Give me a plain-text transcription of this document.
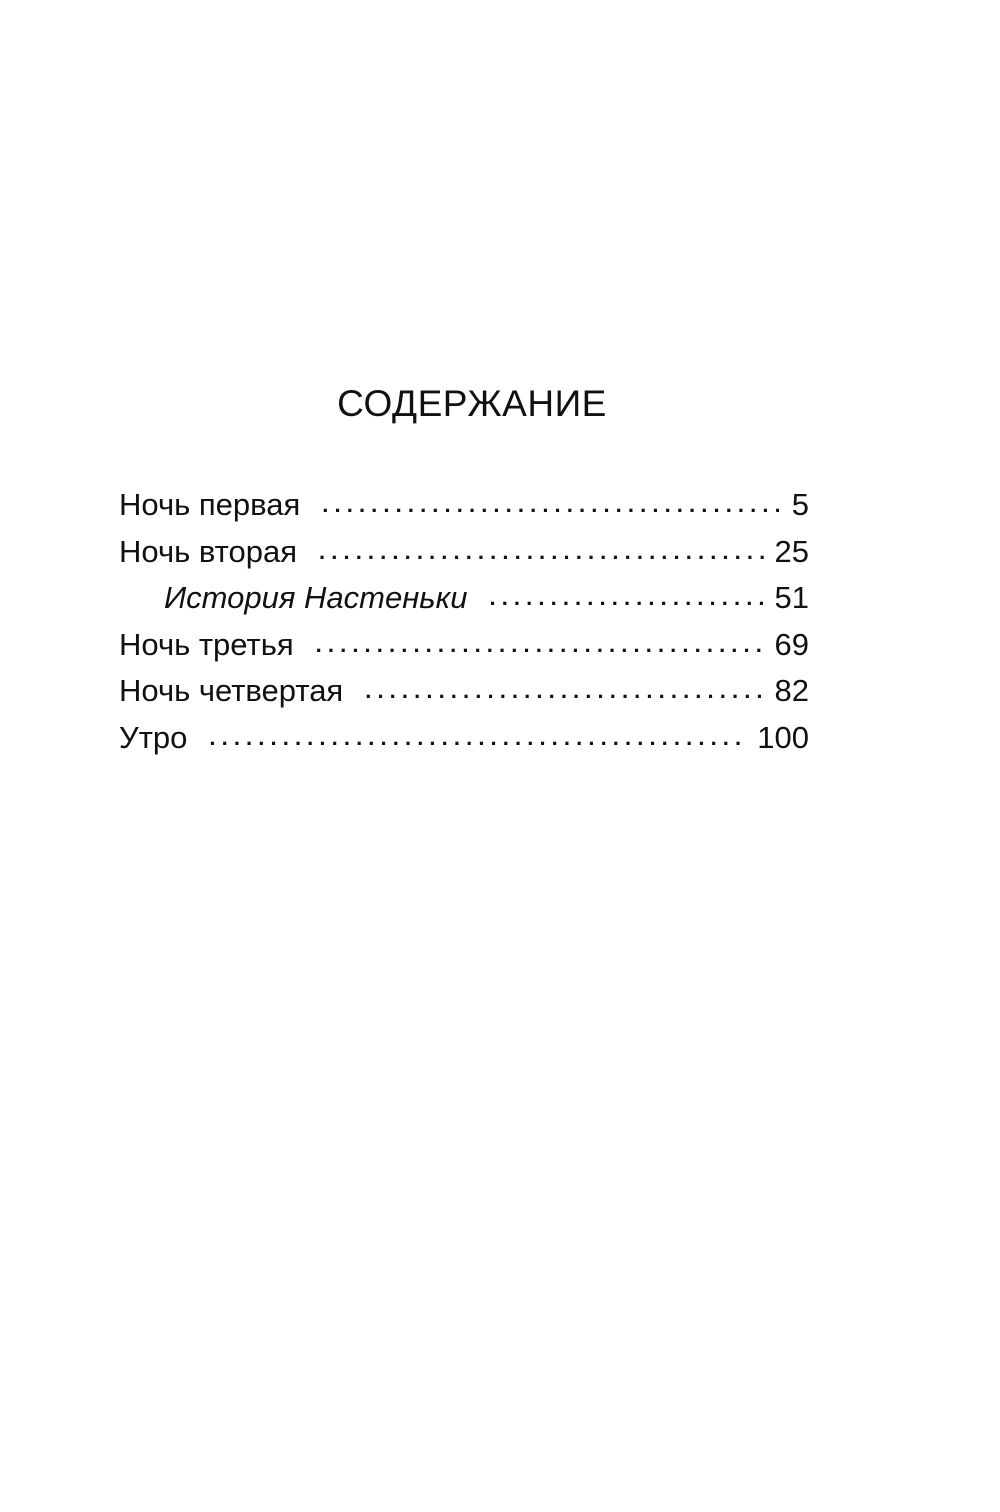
СОДЕРЖАНИЕ
Ночь первая . . .	5
Ночь вторая . . .	25
История Настеньки . . .	51
Ночь третья . . .	69
Ночь четвертая . . .	82
Утро . . .	100
